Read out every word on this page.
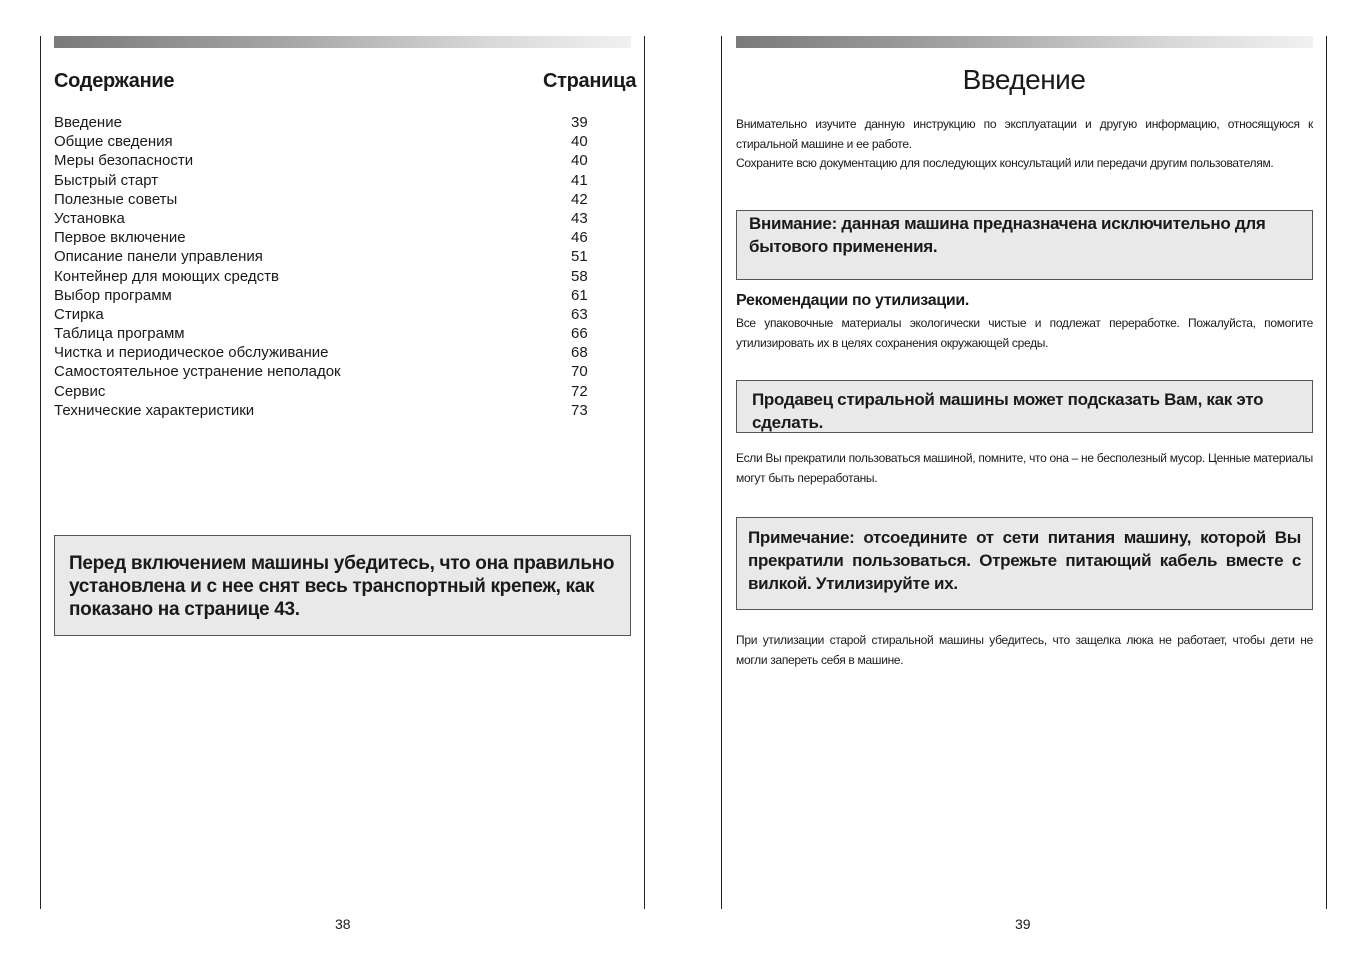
Содержание	Страница
Введение	39
Общие сведения	40
Меры безопасности	40
Быстрый старт	41
Полезные советы	42
Установка	43
Первое включение	46
Описание панели управления	51
Контейнер для моющих средств	58
Выбор программ	61
Стирка	63
Таблица программ	66
Чистка и периодическое обслуживание	68
Самостоятельное устранение неполадок	70
Сервис	72
Технические характеристики	73
Перед включением машины убедитесь, что она правильно установлена и с нее снят весь транспортный крепеж, как показано на странице 43.
38
Введение
Внимательно изучите данную инструкцию по эксплуатации и другую информацию, относящуюся к стиральной машине и ее работе.
Сохраните всю документацию для последующих консультаций или передачи другим пользователям.
Внимание: данная машина предназначена исключительно для бытового применения.
Рекомендации по утилизации.
Все упаковочные материалы экологически чистые и подлежат переработке. Пожалуйста, помогите утилизировать их в целях сохранения окружающей среды.
Продавец стиральной машины может подсказать Вам, как это сделать.
Если Вы прекратили пользоваться машиной, помните, что она – не бесполезный мусор. Ценные материалы могут быть переработаны.
Примечание: отсоедините от сети питания машину, которой Вы прекратили пользоваться. Отрежьте питающий кабель вместе с вилкой. Утилизируйте их.
При утилизации старой стиральной машины убедитесь, что защелка люка не работает, чтобы дети не могли запереть себя в машине.
39
